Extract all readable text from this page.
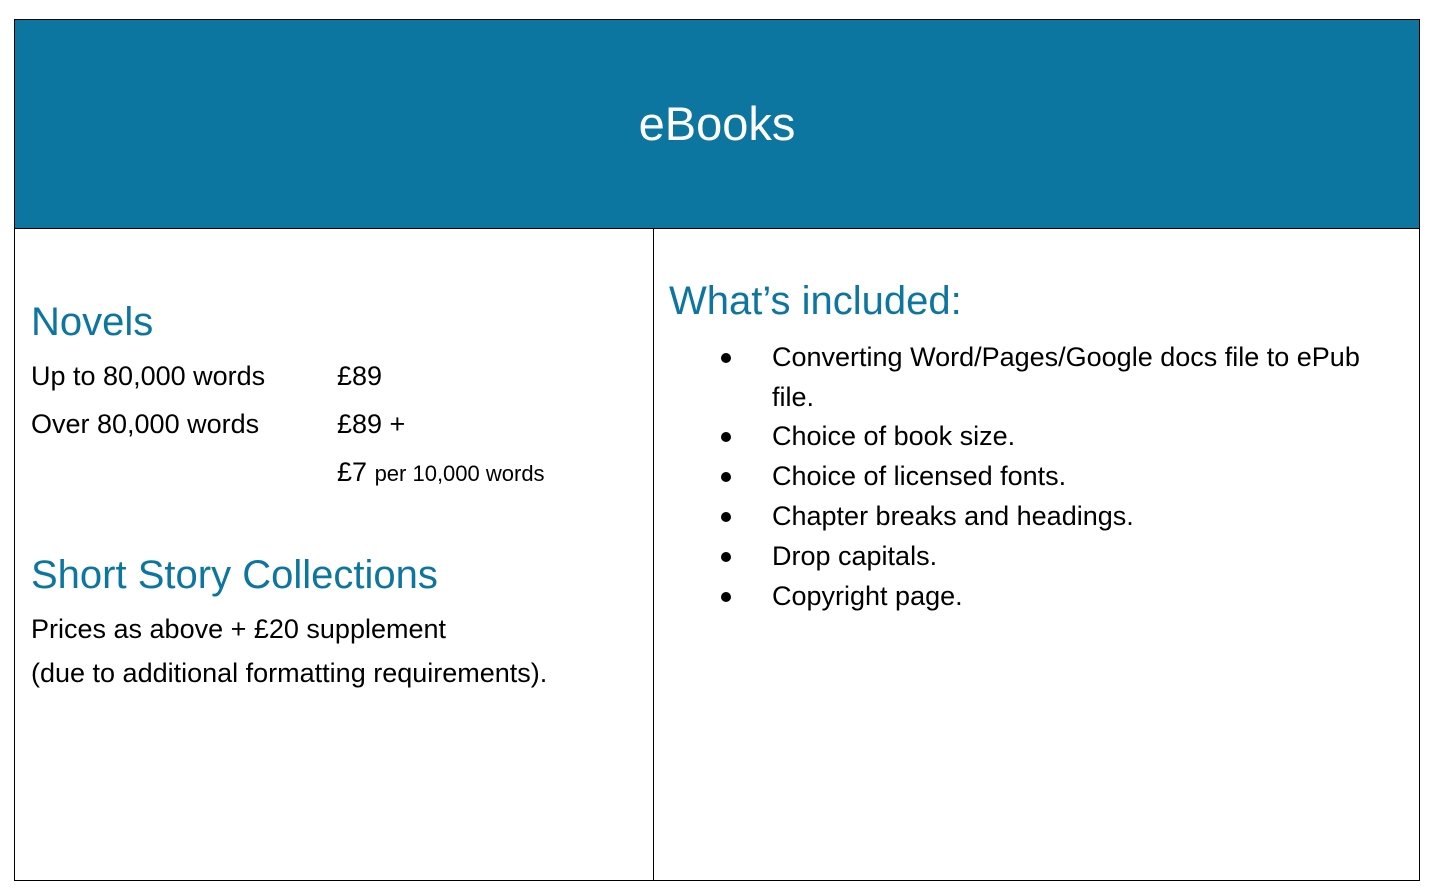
eBooks
Novels
Up to 80,000 words	£89
Over 80,000 words	£89 +
£7 per 10,000 words
Short Story Collections
Prices as above + £20 supplement
(due to additional formatting requirements).
What’s included:
Converting Word/Pages/Google docs file to ePub file.
Choice of book size.
Choice of licensed fonts.
Chapter breaks and headings.
Drop capitals.
Copyright page.
